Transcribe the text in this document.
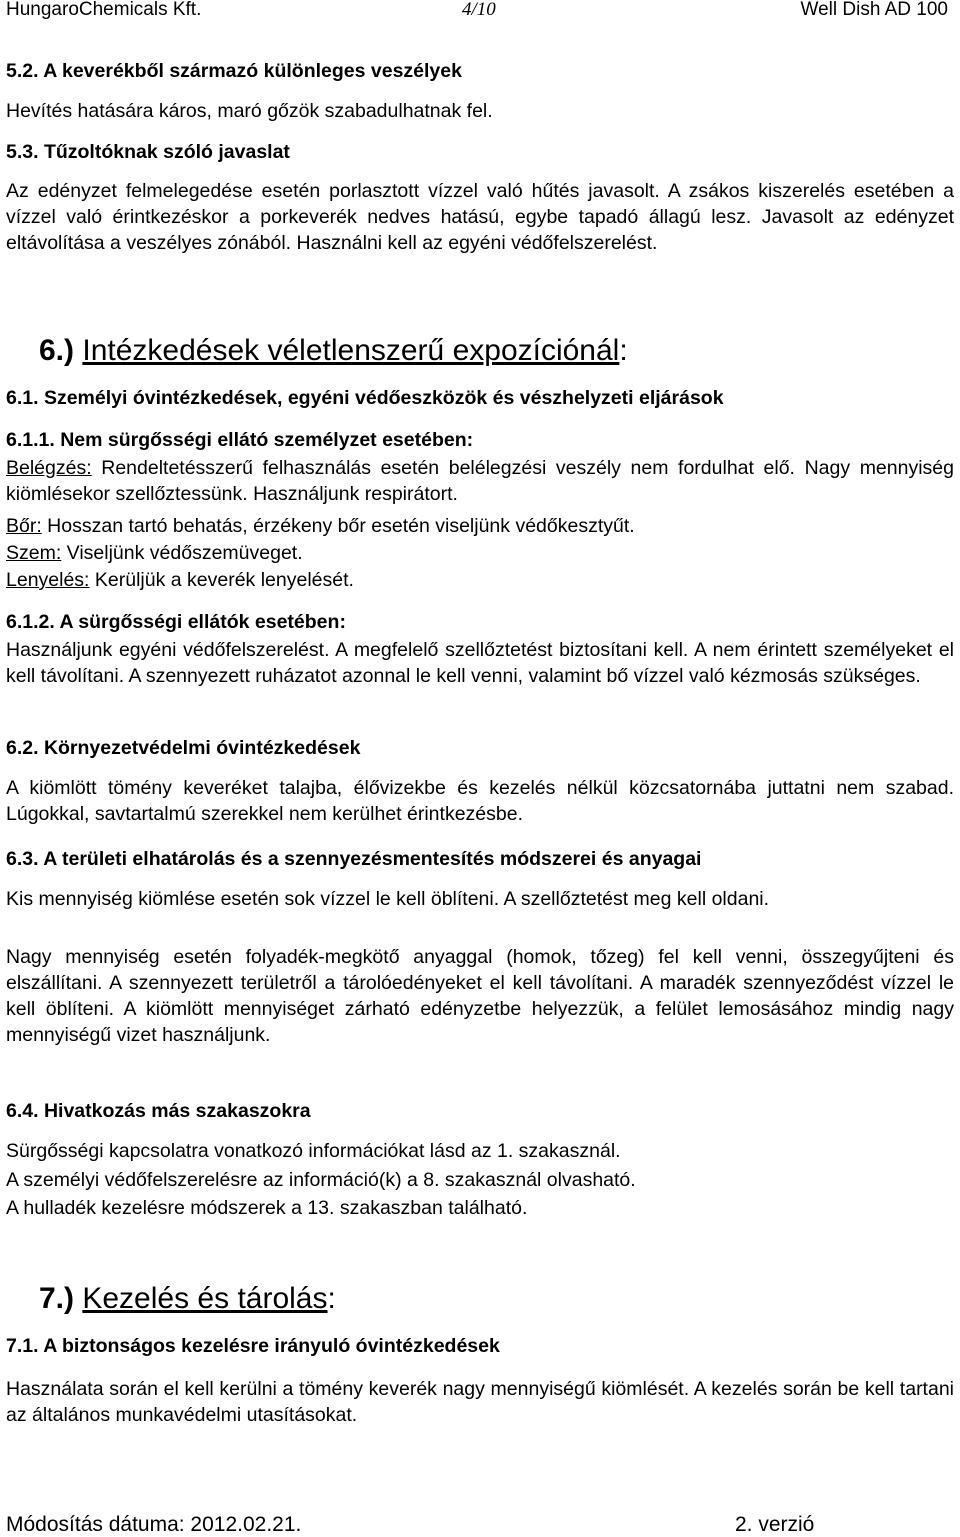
HungaroChemicals Kft.	4/10	Well Dish AD 100
5.2. A keverékből származó különleges veszélyek
Hevítés hatására káros, maró gőzök szabadulhatnak fel.
5.3. Tűzoltóknak szóló javaslat
Az edényzet felmelegedése esetén porlasztott vízzel való hűtés javasolt. A zsákos kiszerelés esetében a vízzel való érintkezéskor a porkeverék nedves hatású, egybe tapadó állagú lesz. Javasolt az edényzet eltávolítása a veszélyes zónából. Használni kell az egyéni védőfelszerelést.
6.) Intézkedések véletlenszerű expozíciónál:
6.1. Személyi óvintézkedések, egyéni védőeszközök és vészhelyzeti eljárások
6.1.1. Nem sürgősségi ellátó személyzet esetében:
Belégzés: Rendeltetésszerű felhasználás esetén belélegzési veszély nem fordulhat elő. Nagy mennyiség kiömlésekor szellőztessünk. Használjunk respirátort.
Bőr: Hosszan tartó behatás, érzékeny bőr esetén viseljünk védőkesztyűt.
Szem: Viseljünk védőszemüveget.
Lenyelés: Kerüljük a keverék lenyelését.
6.1.2. A sürgősségi ellátók esetében:
Használjunk egyéni védőfelszerelést. A megfelelő szellőztetést biztosítani kell. A nem érintett személyeket el kell távolítani. A szennyezett ruházatot azonnal le kell venni, valamint bő vízzel való kézmosás szükséges.
6.2. Környezetvédelmi óvintézkedések
A kiömlött tömény keveréket talajba, élővizekbe és kezelés nélkül közcsatornába juttatni nem szabad. Lúgokkal, savtartalmú szerekkel nem kerülhet érintkezésbe.
6.3. A területi elhatárolás és a szennyezésmentesítés módszerei és anyagai
Kis mennyiség kiömlése esetén sok vízzel le kell öblíteni. A szellőztetést meg kell oldani.
Nagy mennyiség esetén folyadék-megkötő anyaggal (homok, tőzeg) fel kell venni, összegyűjteni és elszállítani. A szennyezett területről a tárolóedényeket el kell távolítani. A maradék szennyeződést vízzel le kell öblíteni. A kiömlött mennyiséget zárható edényzetbe helyezzük, a felület lemosásához mindig nagy mennyiségű vizet használjunk.
6.4. Hivatkozás más szakaszokra
Sürgősségi kapcsolatra vonatkozó információkat lásd az 1. szakasznál.
A személyi védőfelszerelésre az információ(k) a 8. szakasznál olvasható.
A hulladék kezelésre módszerek a 13. szakaszban található.
7.) Kezelés és tárolás:
7.1. A biztonságos kezelésre irányuló óvintézkedések
Használata során el kell kerülni a tömény keverék nagy mennyiségű kiömlését. A kezelés során be kell tartani az általános munkavédelmi utasításokat.
Módosítás dátuma: 2012.02.21.	2. verzió
